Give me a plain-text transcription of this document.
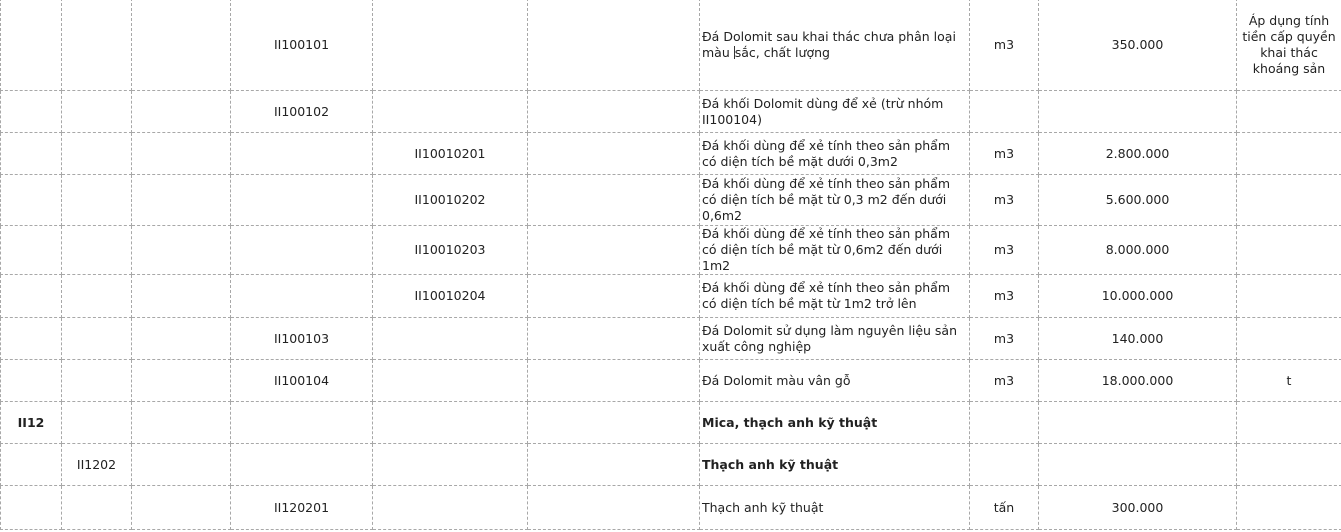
			II100101			Đá Dolomit sau khai thác chưa phân loại màu sắc, chất lượng	m3	350.000	Áp dụng tính tiền cấp quyền khai thác khoáng sản
			II100102			Đá khối Dolomit dùng để xẻ (trừ nhóm II100104)			
				II10010201		Đá khối dùng để xẻ tính theo sản phẩm có diện tích bề mặt dưới 0,3m2	m3	2.800.000	
				II10010202		Đá khối dùng để xẻ tính theo sản phẩm có diện tích bề mặt từ 0,3 m2 đến dưới 0,6m2	m3	5.600.000	
				II10010203		Đá khối dùng để xẻ tính theo sản phẩm có diện tích bề mặt từ 0,6m2 đến dưới 1m2	m3	8.000.000	
				II10010204		Đá khối dùng để xẻ tính theo sản phẩm có diện tích bề mặt từ 1m2 trở lên	m3	10.000.000	
			II100103			Đá Dolomit sử dụng làm nguyên liệu sản xuất công nghiệp	m3	140.000	
			II100104			Đá Dolomit màu vân gỗ	m3	18.000.000	t
II12						Mica, thạch anh kỹ thuật			
	II1202					Thạch anh kỹ thuật			
			II120201			Thạch anh kỹ thuật	tấn	300.000	
